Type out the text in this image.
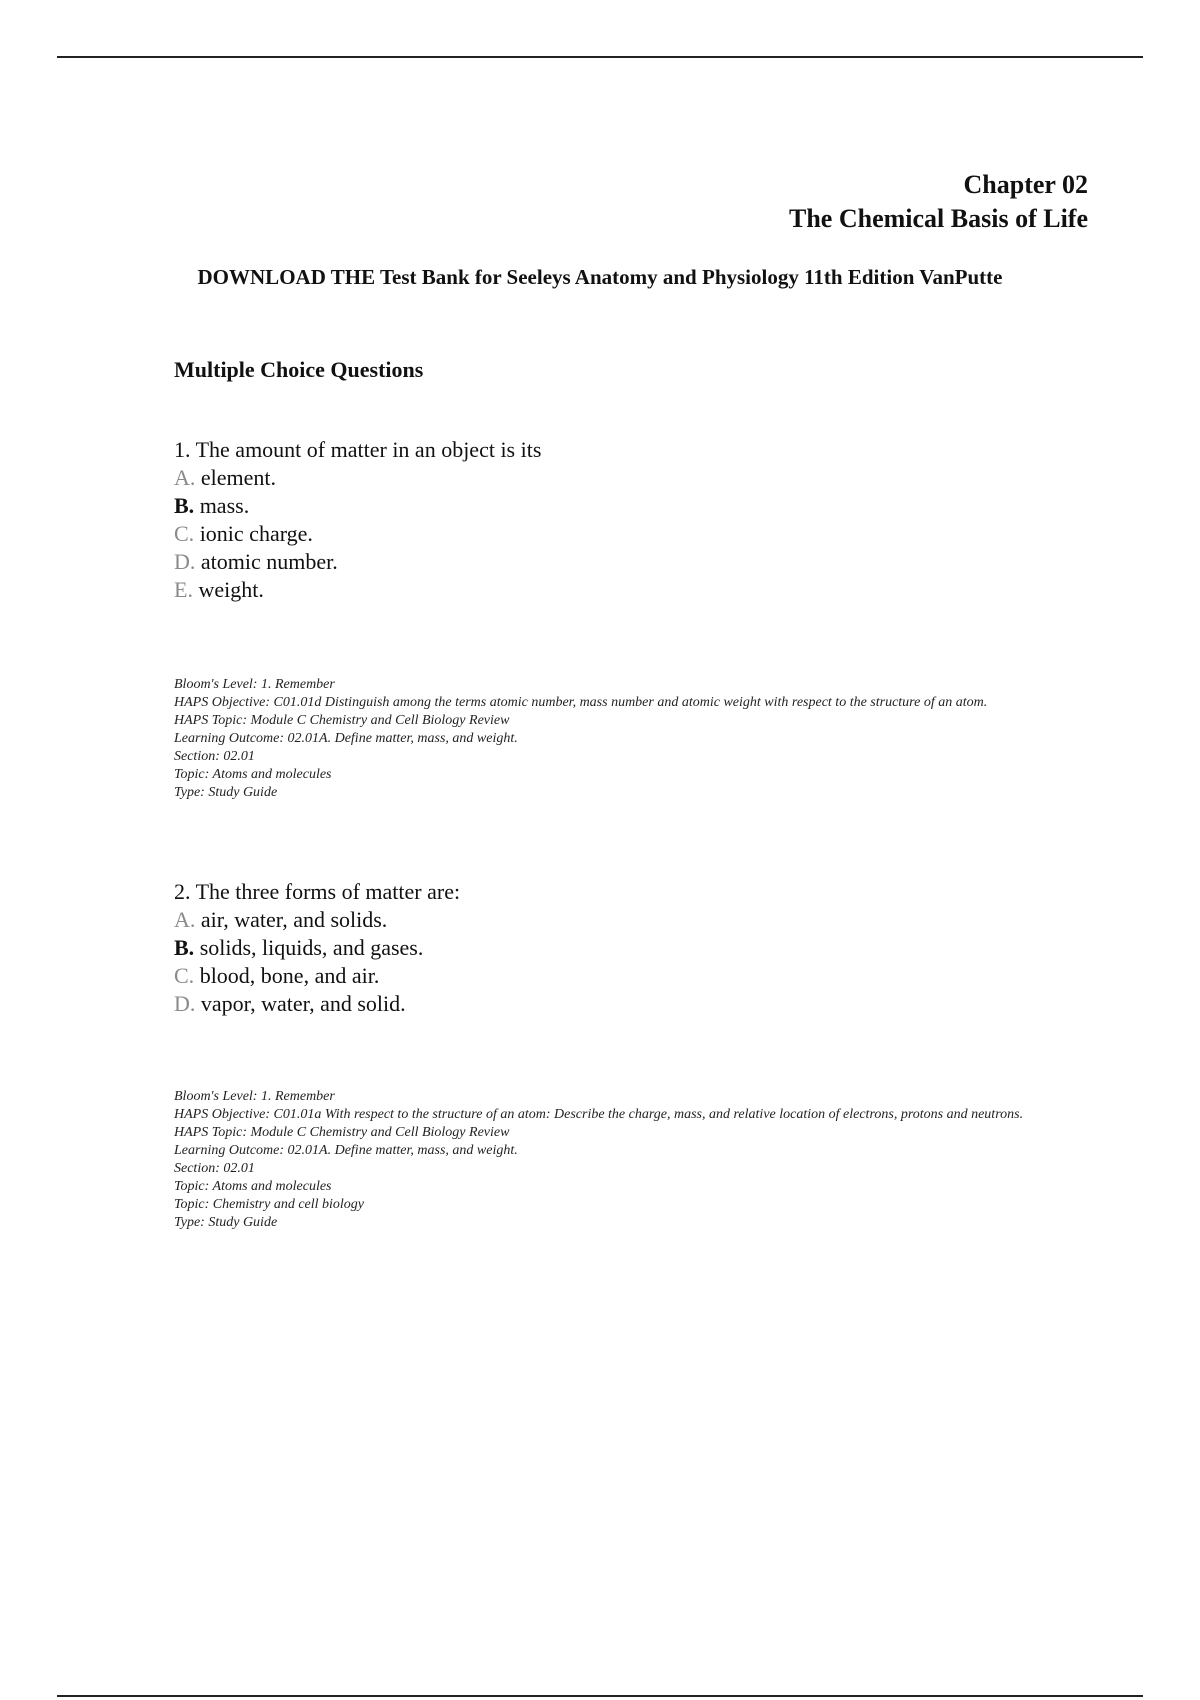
Chapter 02
The Chemical Basis of Life
DOWNLOAD THE Test Bank for Seeleys Anatomy and Physiology 11th Edition VanPutte
Multiple Choice Questions
1. The amount of matter in an object is its
A. element.
B. mass.
C. ionic charge.
D. atomic number.
E. weight.
Bloom's Level: 1. Remember
HAPS Objective: C01.01d Distinguish among the terms atomic number, mass number and atomic weight with respect to the structure of an atom.
HAPS Topic: Module C Chemistry and Cell Biology Review
Learning Outcome: 02.01A. Define matter, mass, and weight.
Section: 02.01
Topic: Atoms and molecules
Type: Study Guide
2. The three forms of matter are:
A. air, water, and solids.
B. solids, liquids, and gases.
C. blood, bone, and air.
D. vapor, water, and solid.
Bloom's Level: 1. Remember
HAPS Objective: C01.01a With respect to the structure of an atom: Describe the charge, mass, and relative location of electrons, protons and neutrons.
HAPS Topic: Module C Chemistry and Cell Biology Review
Learning Outcome: 02.01A. Define matter, mass, and weight.
Section: 02.01
Topic: Atoms and molecules
Topic: Chemistry and cell biology
Type: Study Guide
